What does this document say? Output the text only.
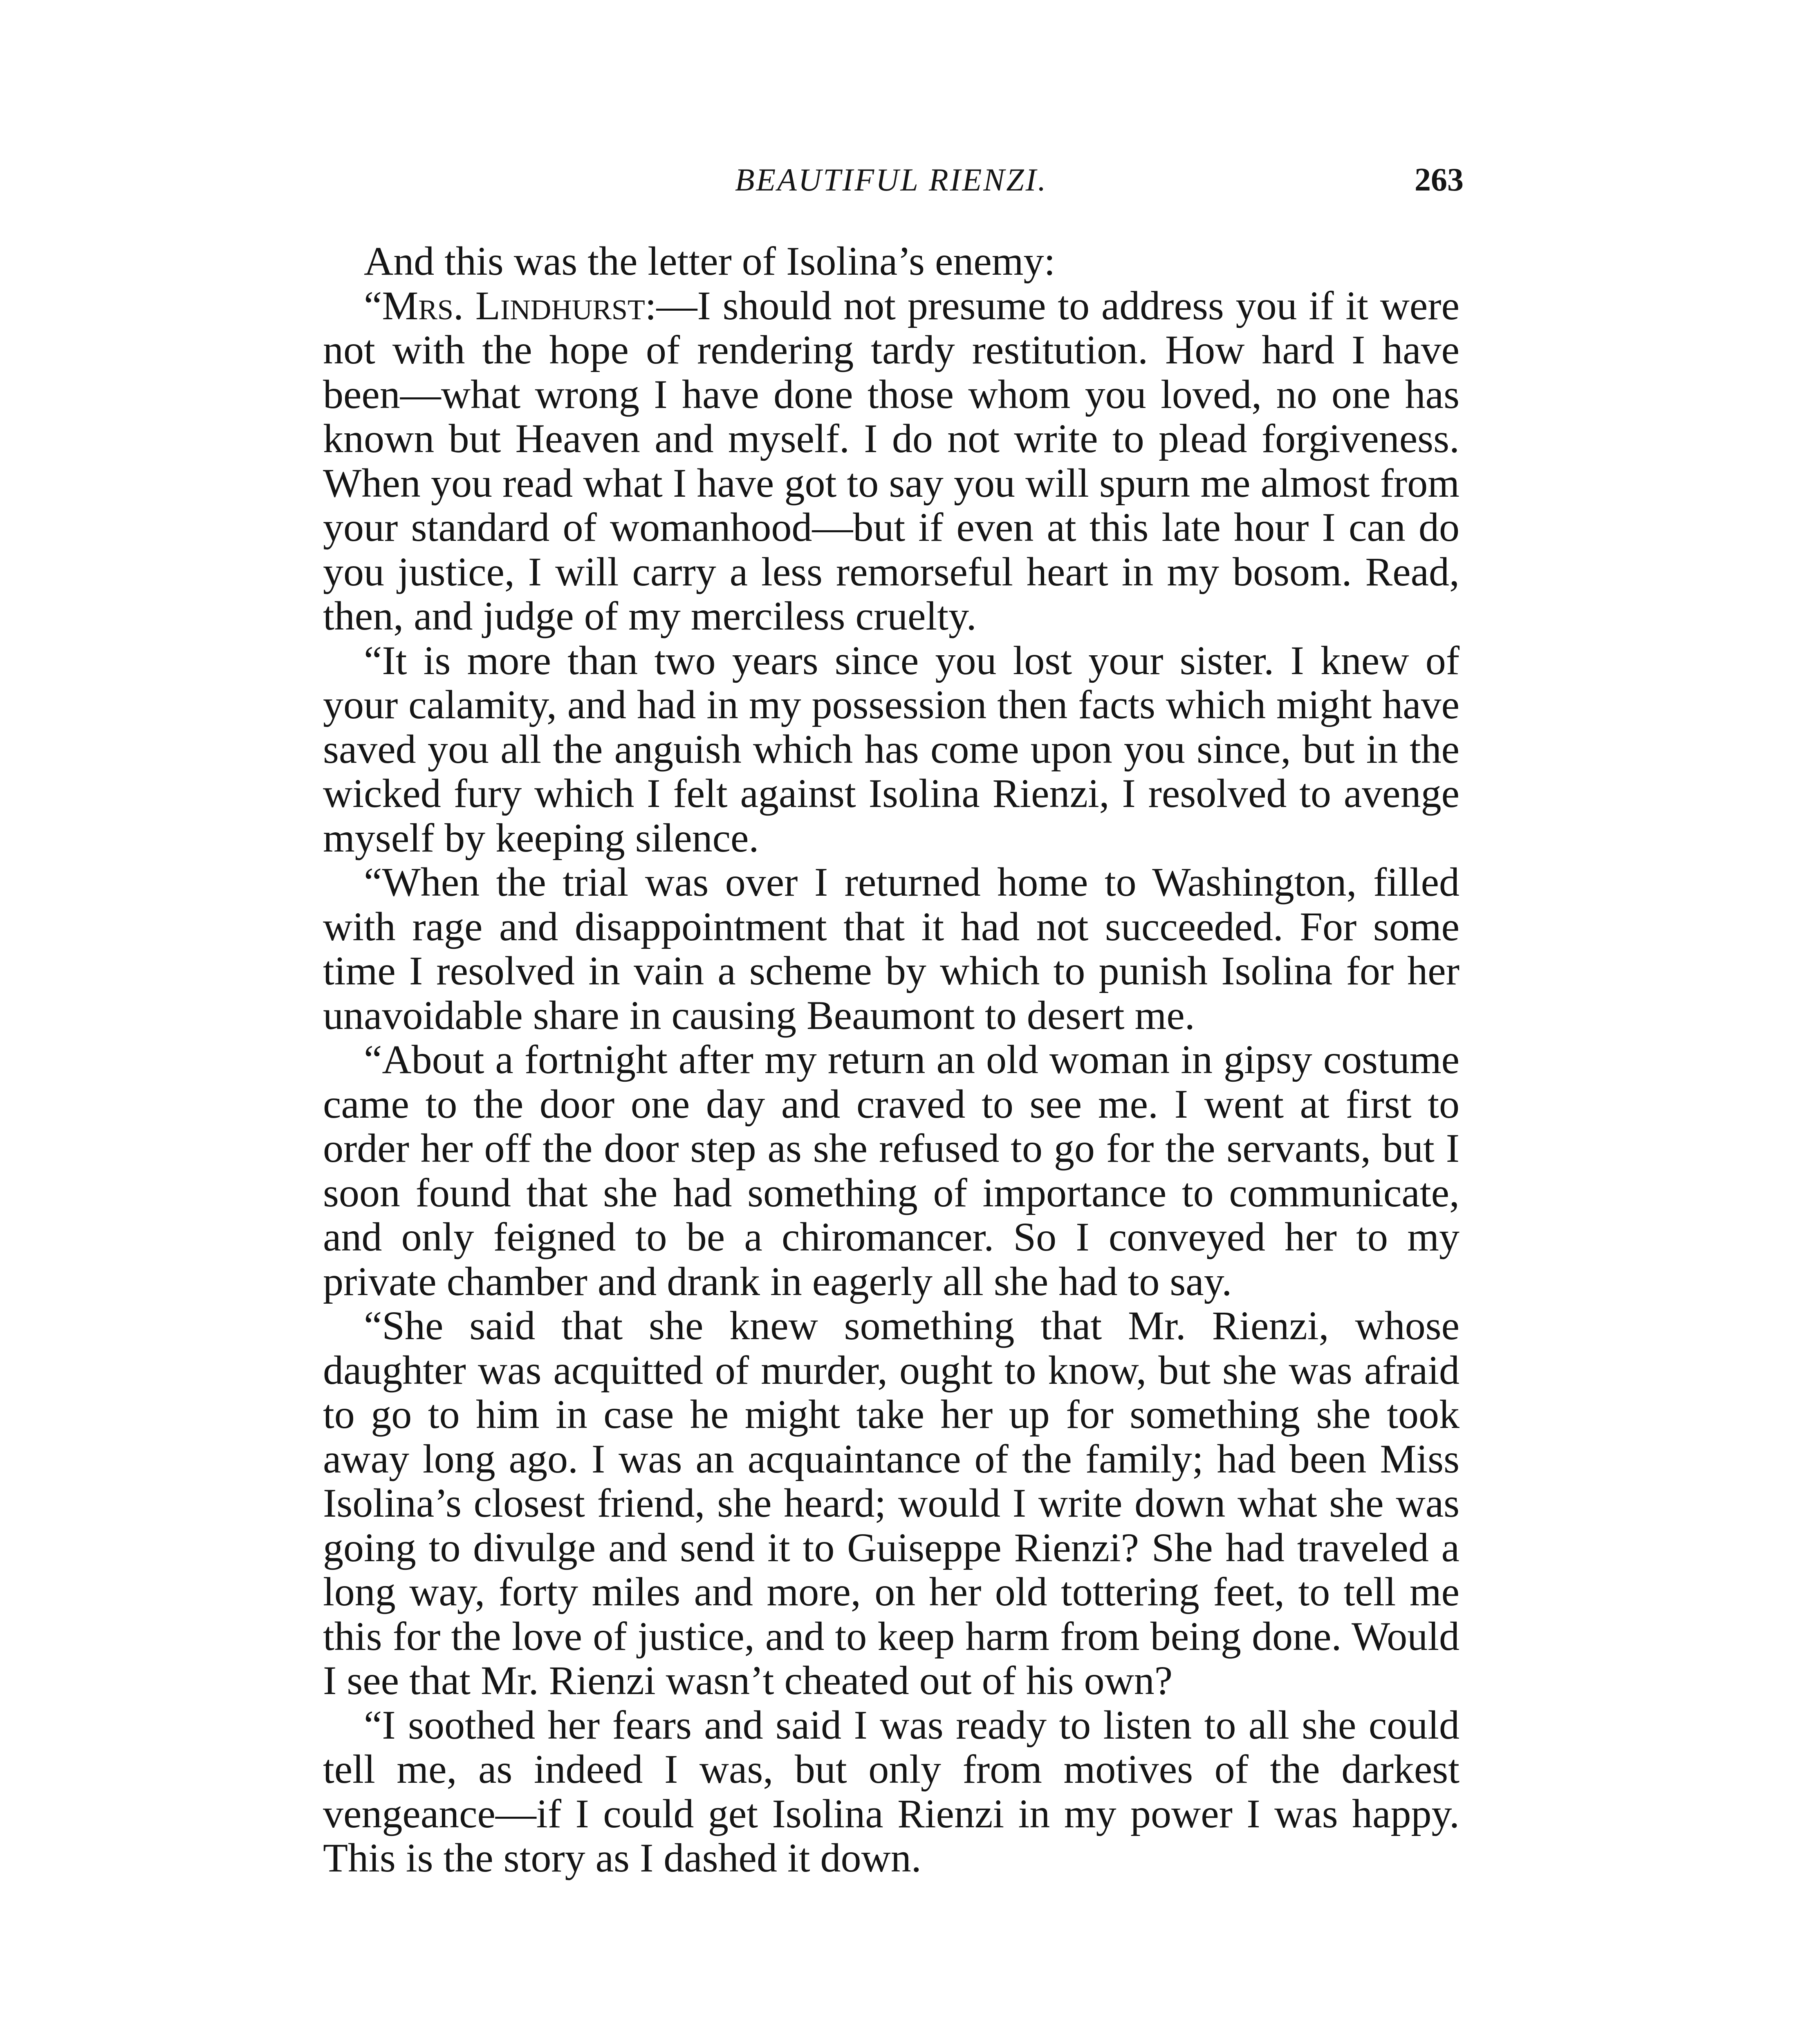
BEAUTIFUL RIENZI.	263

And this was the letter of Isolina’s enemy:

“Mrs. Lindhurst:—I should not presume to address you if it were not with the hope of rendering tardy restitution. How hard I have been—what wrong I have done those whom you loved, no one has known but Heaven and myself. I do not write to plead forgiveness. When you read what I have got to say you will spurn me almost from your standard of womanhood—but if even at this late hour I can do you justice, I will carry a less remorseful heart in my bosom. Read, then, and judge of my merciless cruelty.

“It is more than two years since you lost your sister. I knew of your calamity, and had in my possession then facts which might have saved you all the anguish which has come upon you since, but in the wicked fury which I felt against Isolina Rienzi, I resolved to avenge myself by keeping silence.

“When the trial was over I returned home to Washington, filled with rage and disappointment that it had not succeeded. For some time I resolved in vain a scheme by which to punish Isolina for her unavoidable share in causing Beaumont to desert me.

“About a fortnight after my return an old woman in gipsy costume came to the door one day and craved to see me. I went at first to order her off the door step as she refused to go for the servants, but I soon found that she had something of importance to communicate, and only feigned to be a chiromancer. So I conveyed her to my private chamber and drank in eagerly all she had to say.

“She said that she knew something that Mr. Rienzi, whose daughter was acquitted of murder, ought to know, but she was afraid to go to him in case he might take her up for something she took away long ago. I was an acquaintance of the family; had been Miss Isolina’s closest friend, she heard; would I write down what she was going to divulge and send it to Guiseppe Rienzi? She had traveled a long way, forty miles and more, on her old tottering feet, to tell me this for the love of justice, and to keep harm from being done. Would I see that Mr. Rienzi wasn’t cheated out of his own?

“I soothed her fears and said I was ready to listen to all she could tell me, as indeed I was, but only from motives of the darkest vengeance—if I could get Isolina Rienzi in my power I was happy. This is the story as I dashed it down.
